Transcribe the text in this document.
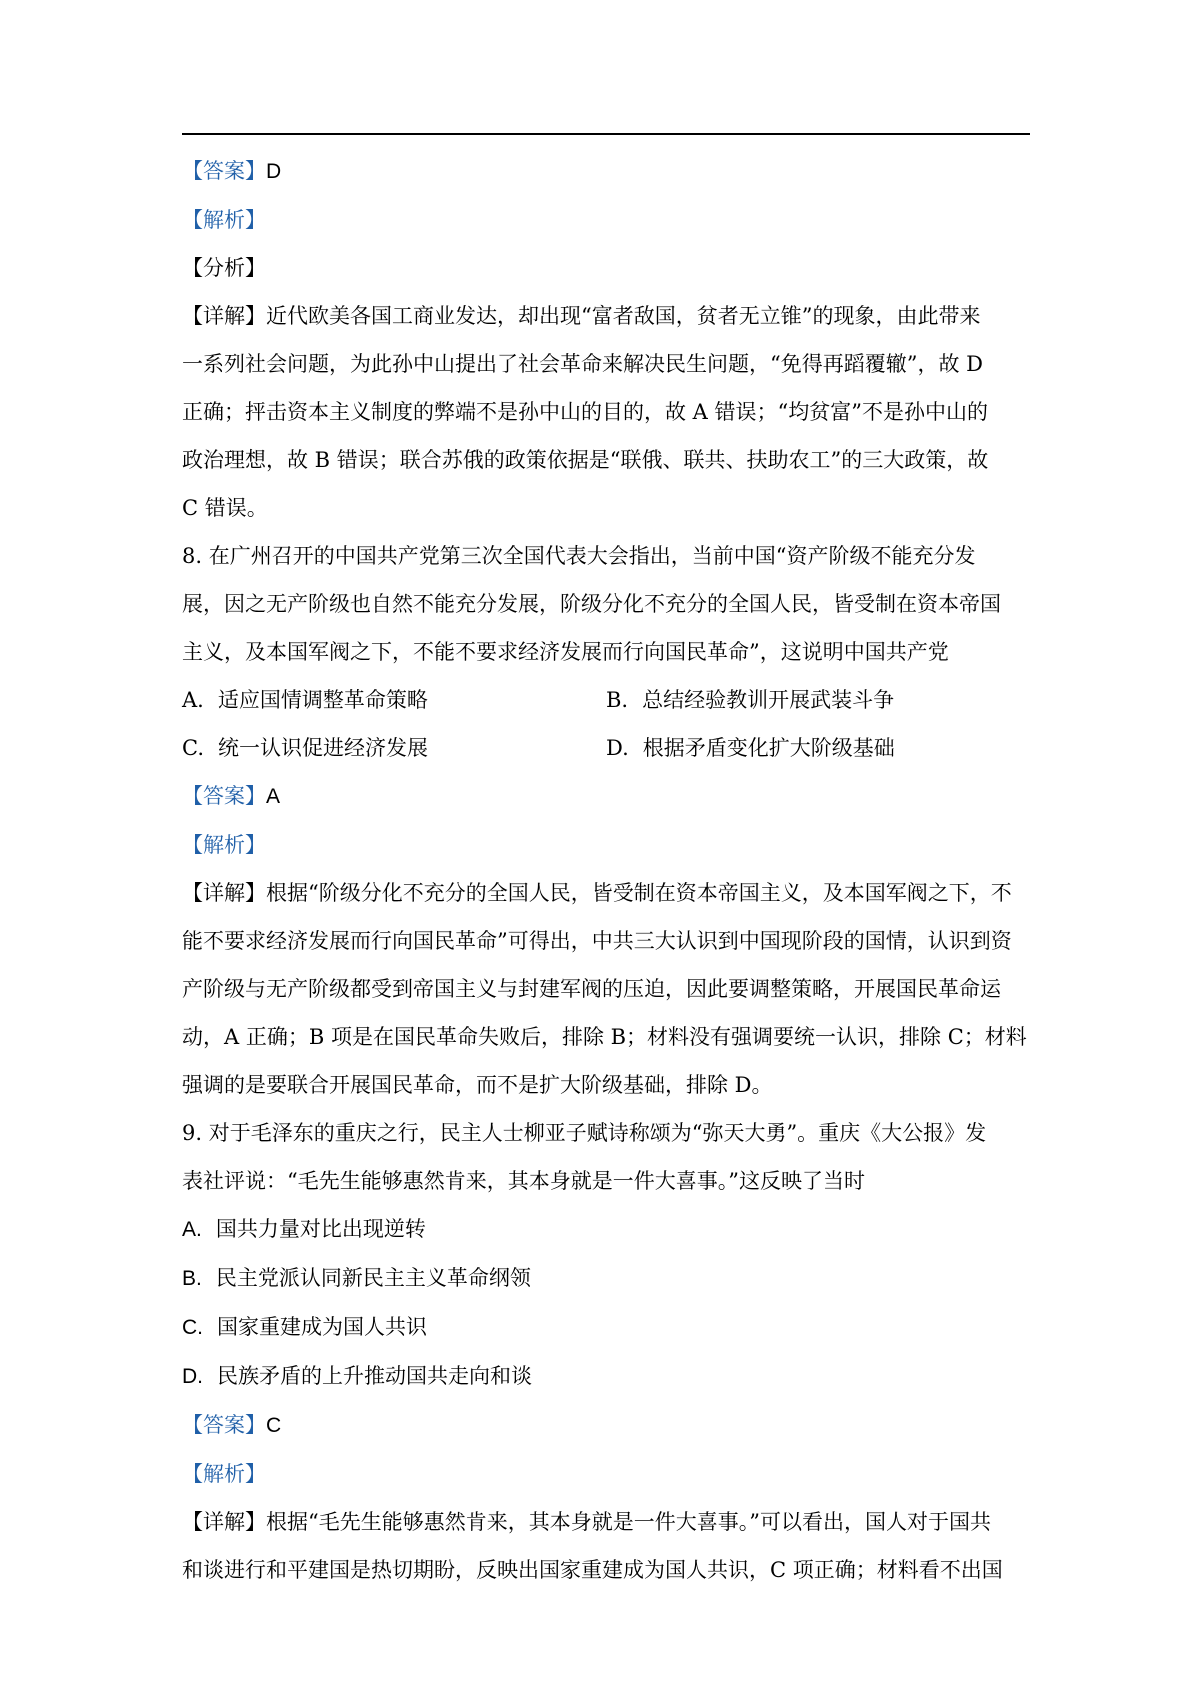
【答案】D
【解析】
【分析】
【详解】近代欧美各国工商业发达，却出现“富者敌国，贫者无立锥”的现象，由此带来
一系列社会问题，为此孙中山提出了社会革命来解决民生问题，“免得再蹈覆辙”，故 D
正确；抨击资本主义制度的弊端不是孙中山的目的，故 A 错误；“均贫富”不是孙中山的
政治理想，故 B 错误；联合苏俄的政策依据是“联俄、联共、扶助农工”的三大政策，故
C 错误。
8. 在广州召开的中国共产党第三次全国代表大会指出，当前中国“资产阶级不能充分发
展，因之无产阶级也自然不能充分发展，阶级分化不充分的全国人民，皆受制在资本帝国
主义，及本国军阀之下，不能不要求经济发展而行向国民革命”，这说明中国共产党
A. 适应国情调整革命策略	B. 总结经验教训开展武装斗争
C. 统一认识促进经济发展	D. 根据矛盾变化扩大阶级基础
【答案】A
【解析】
【详解】根据“阶级分化不充分的全国人民，皆受制在资本帝国主义，及本国军阀之下，不
能不要求经济发展而行向国民革命”可得出，中共三大认识到中国现阶段的国情，认识到资
产阶级与无产阶级都受到帝国主义与封建军阀的压迫，因此要调整策略，开展国民革命运
动，A 正确；B 项是在国民革命失败后，排除 B；材料没有强调要统一认识，排除 C；材料
强调的是要联合开展国民革命，而不是扩大阶级基础，排除 D。
9. 对于毛泽东的重庆之行，民主人士柳亚子赋诗称颂为“弥天大勇”。重庆《大公报》发
表社评说：“毛先生能够惠然肯来，其本身就是一件大喜事。”这反映了当时
A. 国共力量对比出现逆转
B. 民主党派认同新民主主义革命纲领
C. 国家重建成为国人共识
D. 民族矛盾的上升推动国共走向和谈
【答案】C
【解析】
【详解】根据“毛先生能够惠然肯来，其本身就是一件大喜事。”可以看出，国人对于国共
和谈进行和平建国是热切期盼，反映出国家重建成为国人共识，C 项正确；材料看不出国
